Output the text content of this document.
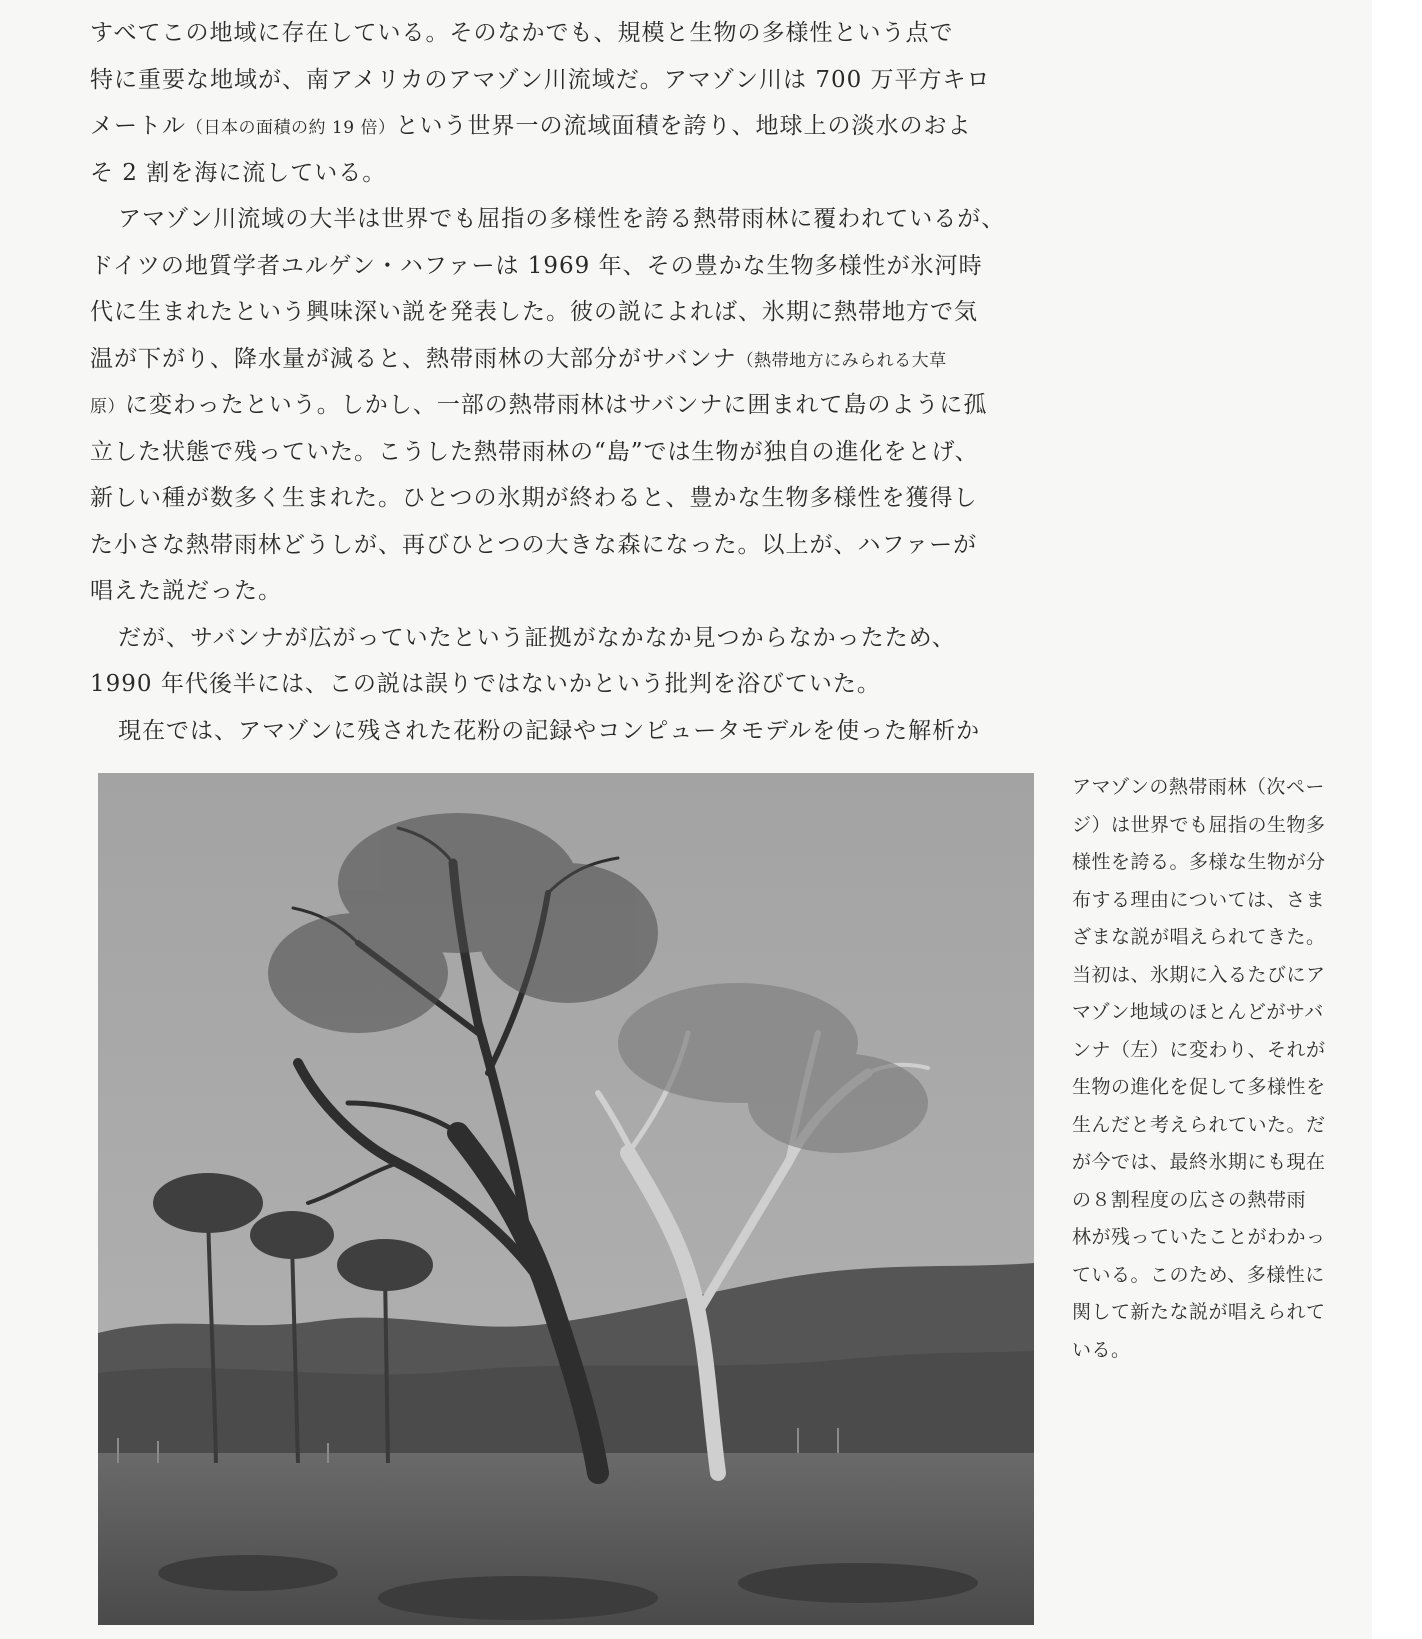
すべてこの地域に存在している。そのなかでも、規模と生物の多様性という点で
特に重要な地域が、南アメリカのアマゾン川流域だ。アマゾン川は 700 万平方キロ
メートル（日本の面積の約 19 倍）という世界一の流域面積を誇り、地球上の淡水のおよ
そ 2 割を海に流している。
アマゾン川流域の大半は世界でも屈指の多様性を誇る熱帯雨林に覆われているが、
ドイツの地質学者ユルゲン・ハファーは 1969 年、その豊かな生物多様性が氷河時
代に生まれたという興味深い説を発表した。彼の説によれば、氷期に熱帯地方で気
温が下がり、降水量が減ると、熱帯雨林の大部分がサバンナ（熱帯地方にみられる大草
原）に変わったという。しかし、一部の熱帯雨林はサバンナに囲まれて島のように孤
立した状態で残っていた。こうした熱帯雨林の“島”では生物が独自の進化をとげ、
新しい種が数多く生まれた。ひとつの氷期が終わると、豊かな生物多様性を獲得し
た小さな熱帯雨林どうしが、再びひとつの大きな森になった。以上が、ハファーが
唱えた説だった。
だが、サバンナが広がっていたという証拠がなかなか見つからなかったため、
1990 年代後半には、この説は誤りではないかという批判を浴びていた。
現在では、アマゾンに残された花粉の記録やコンピュータモデルを使った解析か
アマゾンの熱帯雨林（次ペー
ジ）は世界でも屈指の生物多
様性を誇る。多様な生物が分
布する理由については、さま
ざまな説が唱えられてきた。
当初は、氷期に入るたびにア
マゾン地域のほとんどがサバ
ンナ（左）に変わり、それが
生物の進化を促して多様性を
生んだと考えられていた。だ
が今では、最終氷期にも現在
の８割程度の広さの熱帯雨
林が残っていたことがわかっ
ている。このため、多様性に
関して新たな説が唱えられて
いる。
